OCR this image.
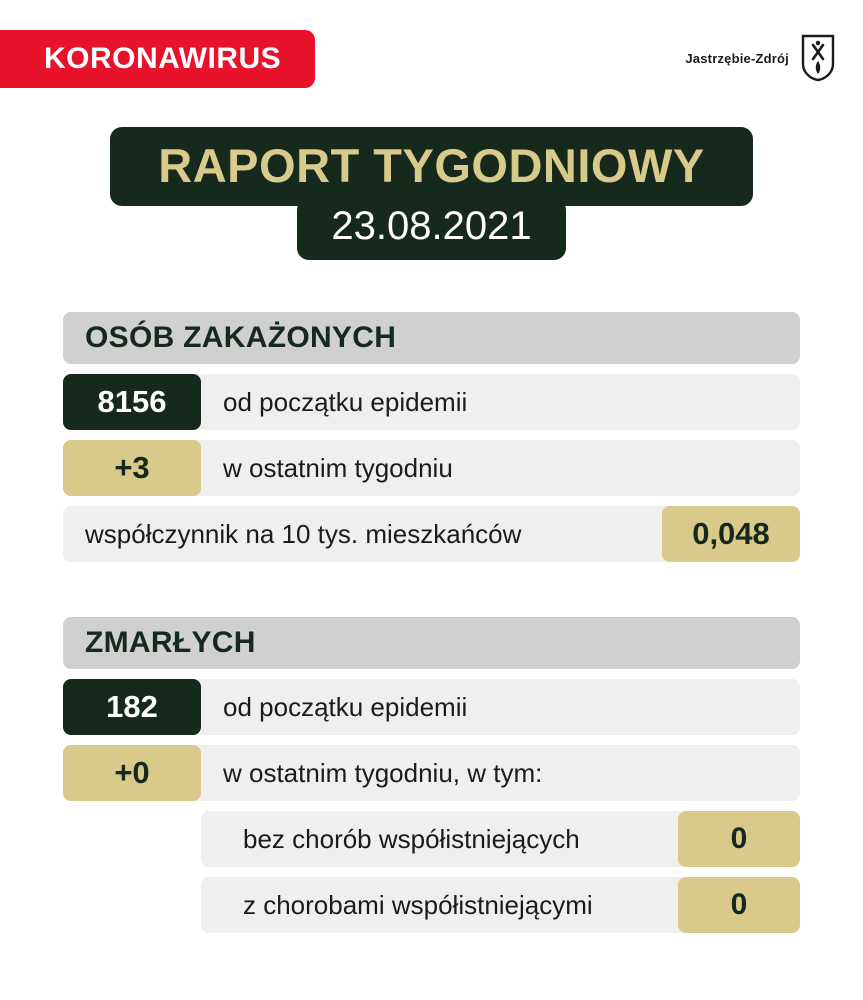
KORONAWIRUS	Jastrzębie-Zdrój
RAPORT TYGODNIOWY
23.08.2021
OSÓB ZAKAŻONYCH
8156	od początku epidemii
+3	w ostatnim tygodniu
współczynnik na 10 tys. mieszkańców	0,048
ZMARŁYCH
182	od początku epidemii
+0	w ostatnim tygodniu, w tym:
bez chorób współistniejących	0
z chorobami współistniejącymi	0
